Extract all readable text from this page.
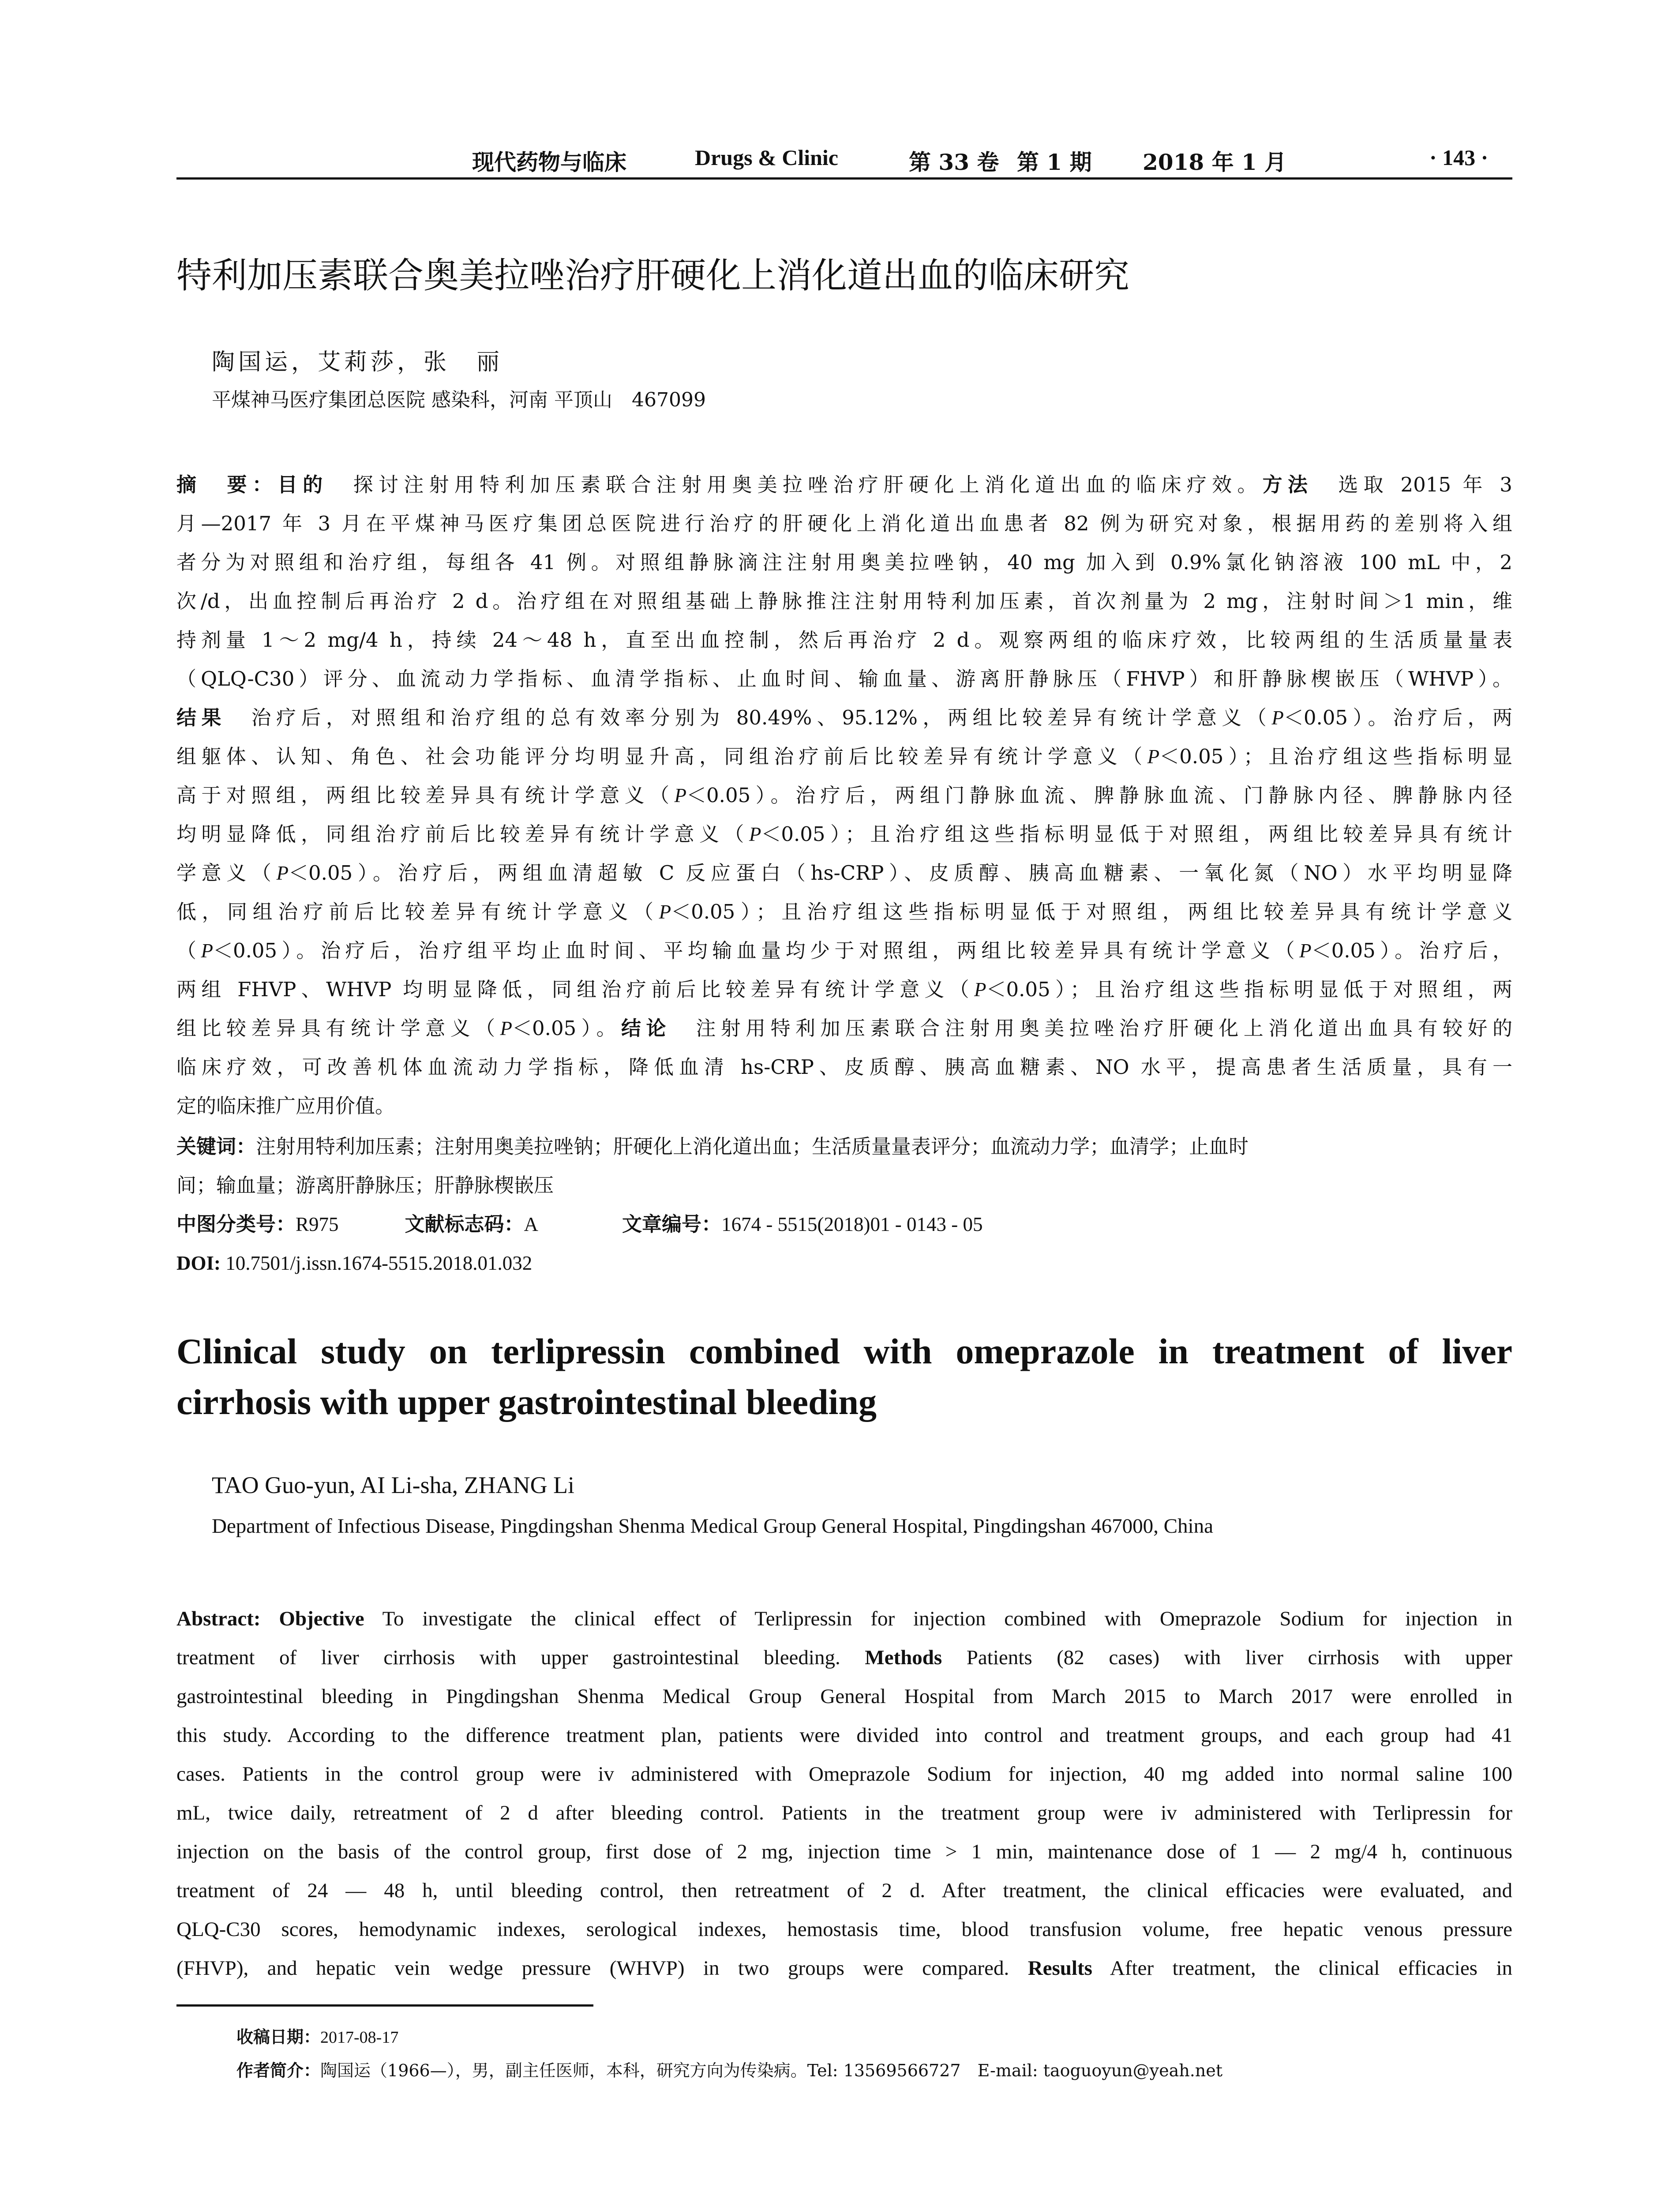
现代药物与临床	Drugs & Clinic	第 33 卷 第 1 期 2018 年 1 月	· 143 ·
特利加压素联合奥美拉唑治疗肝硬化上消化道出血的临床研究
陶国运，艾莉莎，张　丽
平煤神马医疗集团总医院 感染科，河南 平顶山　467099
摘　要：目的　 探讨注射用特利加压素联合注射用奥美拉唑治疗肝硬化上消化道出血的临床疗效。方法　 选取 2015 年 3
月—2017 年 3 月在平煤神马医疗集团总医院进行治疗的肝硬化上消化道出血患者 82 例为研究对象，根据用药的差别将入组
者分为对照组和治疗组，每组各 41 例。对照组静脉滴注注射用奥美拉唑钠，40 mg 加入到 0.9%氯化钠溶液 100 mL 中，2
次/d，出血控制后再治疗 2 d。治疗组在对照组基础上静脉推注注射用特利加压素，首次剂量为 2 mg，注射时间＞1 min，维
持剂量 1～2 mg/4 h，持续 24～48 h，直至出血控制，然后再治疗 2 d。观察两组的临床疗效，比较两组的生活质量量表
（QLQ-C30）评分、血流动力学指标、血清学指标、止血时间、输血量、游离肝静脉压（FHVP）和肝静脉楔嵌压（WHVP）。
结果　 治疗后，对照组和治疗组的总有效率分别为 80.49%、95.12%，两组比较差异有统计学意义（P＜0.05）。治疗后，两
组躯体、认知、角色、社会功能评分均明显升高，同组治疗前后比较差异有统计学意义（P＜0.05）；且治疗组这些指标明显
高于对照组，两组比较差异具有统计学意义（P＜0.05）。治疗后，两组门静脉血流、脾静脉血流、门静脉内径、脾静脉内径
均明显降低，同组治疗前后比较差异有统计学意义（P＜0.05）；且治疗组这些指标明显低于对照组，两组比较差异具有统计
学意义（P＜0.05）。治疗后，两组血清超敏 C 反应蛋白（hs-CRP）、皮质醇、胰高血糖素、一氧化氮（NO）水平均明显降
低，同组治疗前后比较差异有统计学意义（P＜0.05）；且治疗组这些指标明显低于对照组，两组比较差异具有统计学意义
（P＜0.05）。治疗后，治疗组平均止血时间、平均输血量均少于对照组，两组比较差异具有统计学意义（P＜0.05）。治疗后，
两组 FHVP、WHVP 均明显降低，同组治疗前后比较差异有统计学意义（P＜0.05）；且治疗组这些指标明显低于对照组，两
组比较差异具有统计学意义（P＜0.05）。结论　 注射用特利加压素联合注射用奥美拉唑治疗肝硬化上消化道出血具有较好的
临床疗效，可改善机体血流动力学指标，降低血清 hs-CRP、皮质醇、胰高血糖素、NO 水平，提高患者生活质量，具有一
定的临床推广应用价值。
关键词：注射用特利加压素；注射用奥美拉唑钠；肝硬化上消化道出血；生活质量量表评分；血流动力学；血清学；止血时
间；输血量；游离肝静脉压；肝静脉楔嵌压
中图分类号：R975	文献标志码：A	文章编号：1674 - 5515(2018)01 - 0143 - 05
DOI: 10.7501/j.issn.1674-5515.2018.01.032
Clinical study on terlipressin combined with omeprazole in treatment of liver
cirrhosis with upper gastrointestinal bleeding
TAO Guo-yun, AI Li-sha, ZHANG Li
Department of Infectious Disease, Pingdingshan Shenma Medical Group General Hospital, Pingdingshan 467000, China
Abstract: Objective To investigate the clinical effect of Terlipressin for injection combined with Omeprazole Sodium for injection in
treatment of liver cirrhosis with upper gastrointestinal bleeding. Methods Patients (82 cases) with liver cirrhosis with upper
gastrointestinal bleeding in Pingdingshan Shenma Medical Group General Hospital from March 2015 to March 2017 were enrolled in
this study. According to the difference treatment plan, patients were divided into control and treatment groups, and each group had 41
cases. Patients in the control group were iv administered with Omeprazole Sodium for injection, 40 mg added into normal saline 100
mL, twice daily, retreatment of 2 d after bleeding control. Patients in the treatment group were iv administered with Terlipressin for
injection on the basis of the control group, first dose of 2 mg, injection time > 1 min, maintenance dose of 1 — 2 mg/4 h, continuous
treatment of 24 — 48 h, until bleeding control, then retreatment of 2 d. After treatment, the clinical efficacies were evaluated, and
QLQ-C30 scores, hemodynamic indexes, serological indexes, hemostasis time, blood transfusion volume, free hepatic venous pressure
(FHVP), and hepatic vein wedge pressure (WHVP) in two groups were compared. Results After treatment, the clinical efficacies in
收稿日期：2017-08-17
作者简介：陶国运（1966—），男，副主任医师，本科，研究方向为传染病。Tel: 13569566727　E-mail: taoguoyun@yeah.net
